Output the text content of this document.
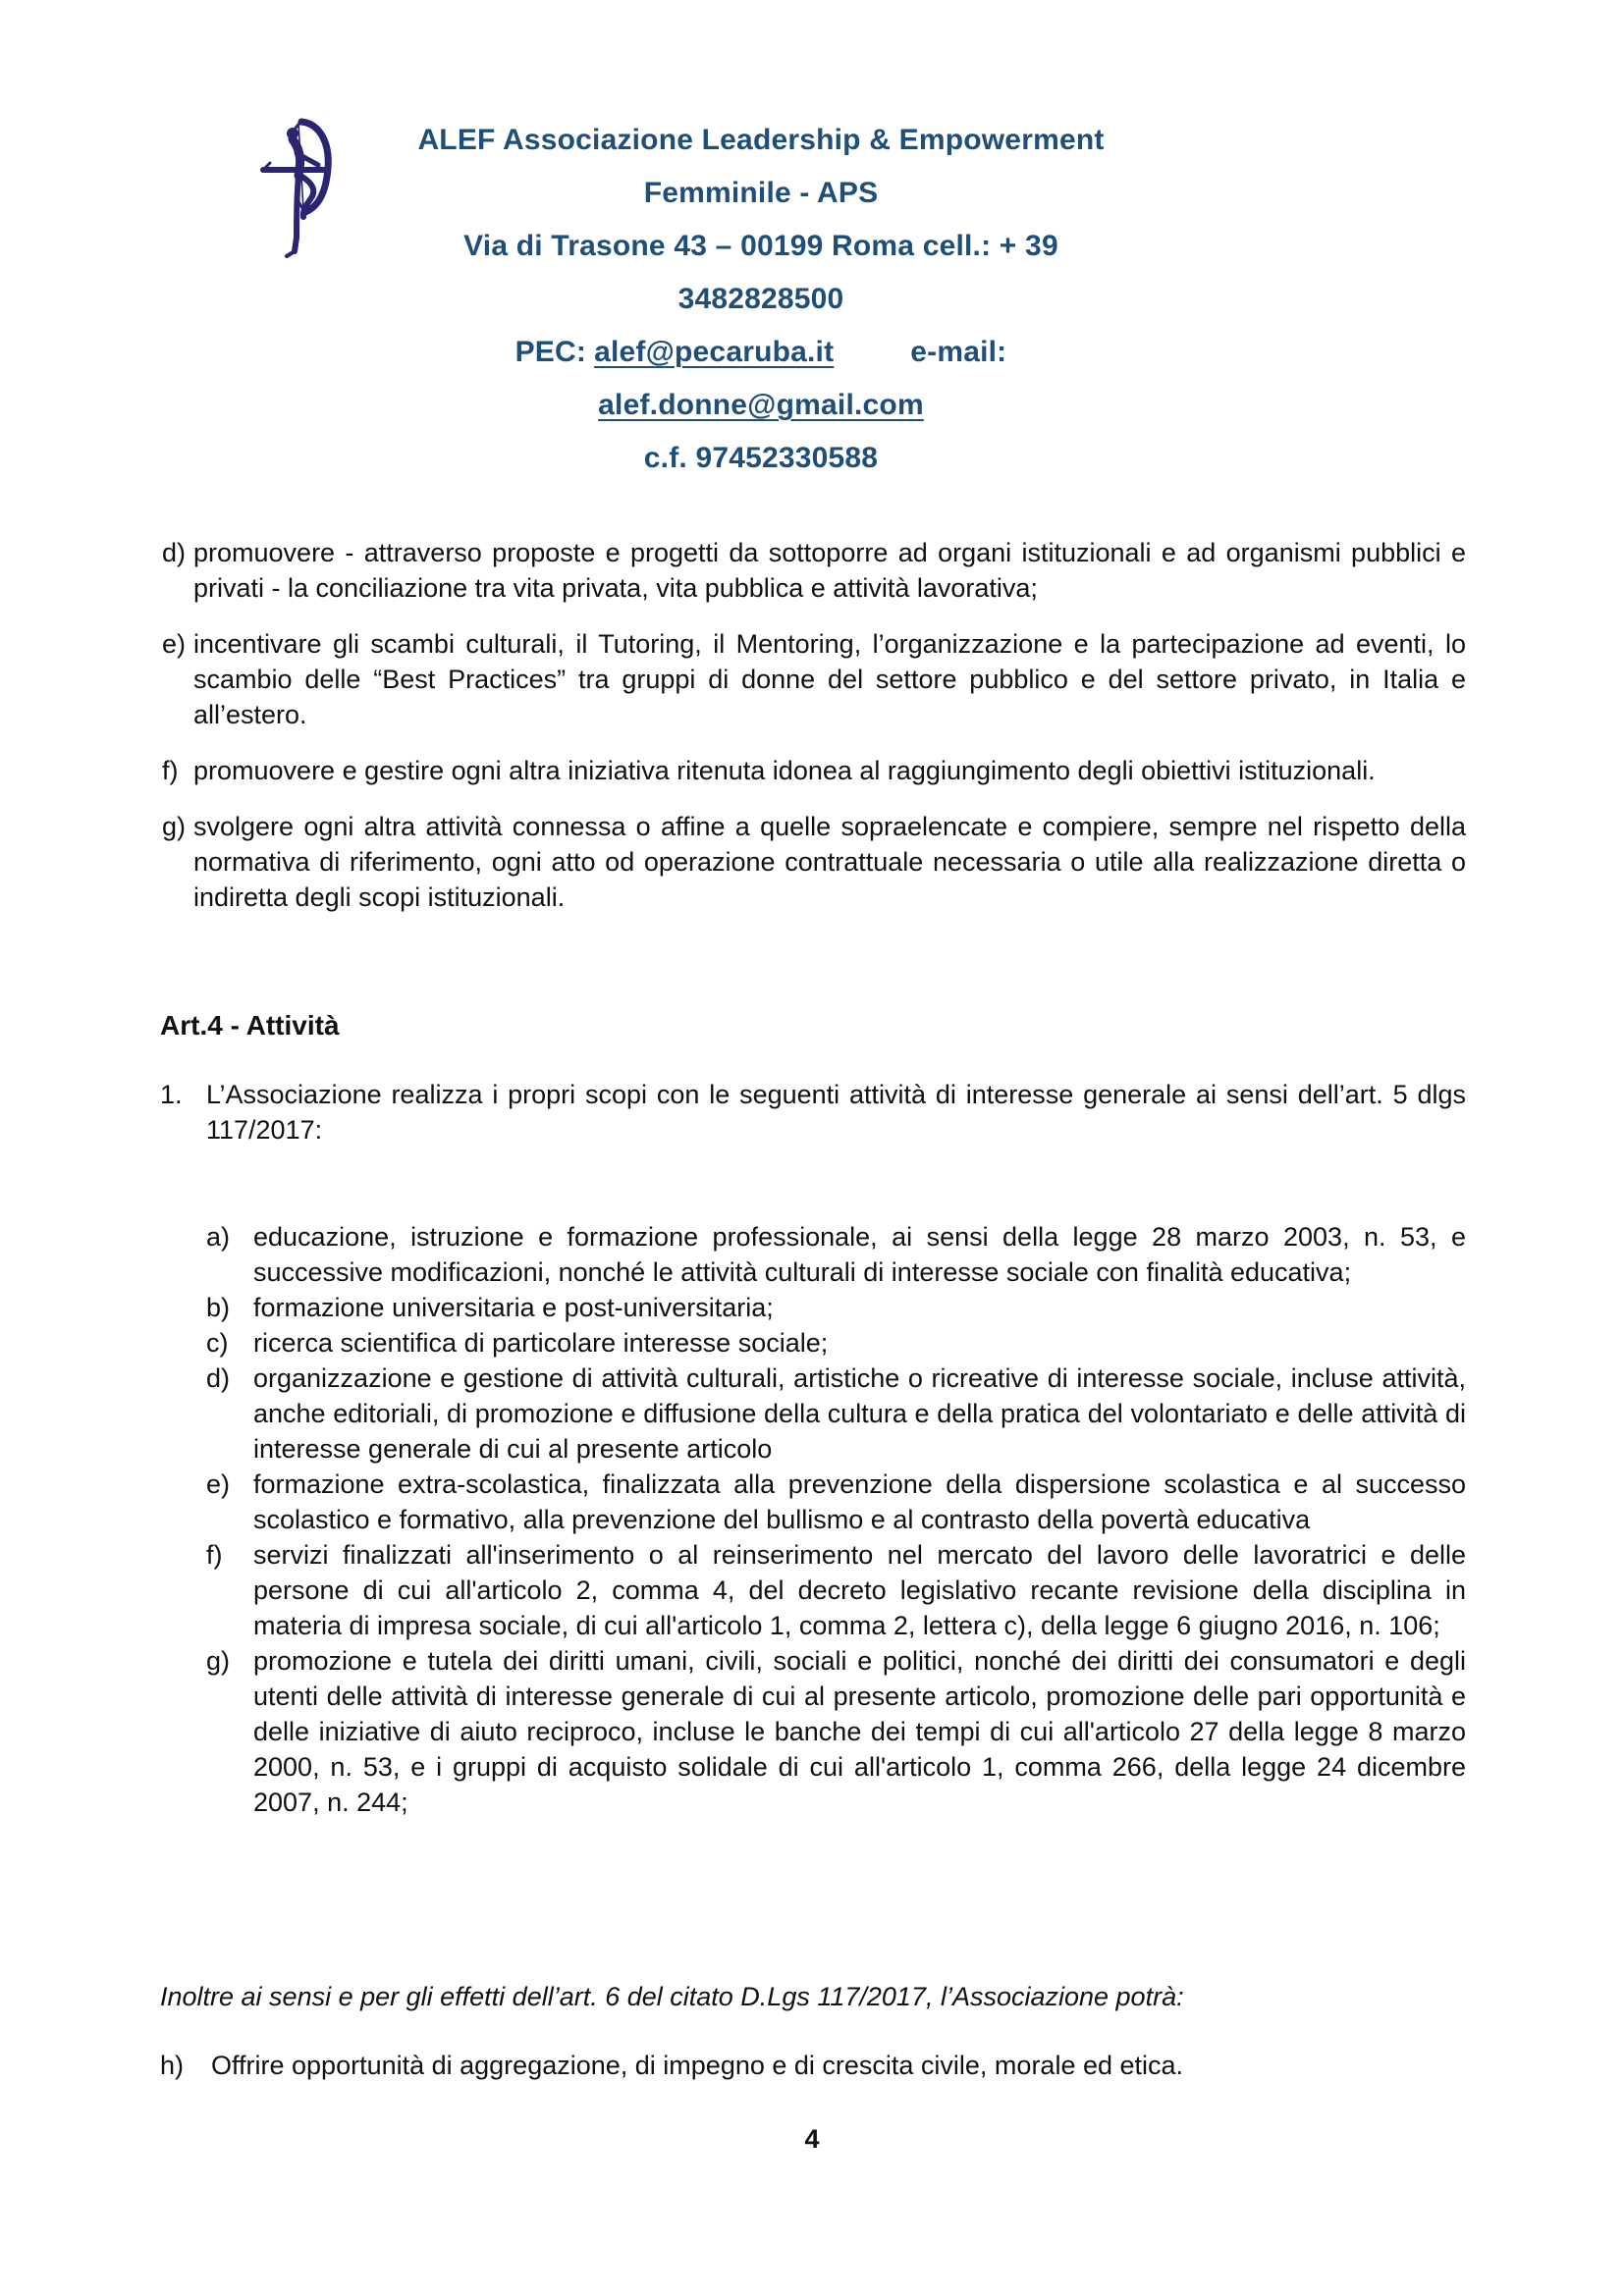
ALEF Associazione Leadership & Empowerment
Femminile - APS
Via di Trasone 43 – 00199 Roma cell.: + 39
3482828500
PEC: alef@pecaruba.it	e-mail:
alef.donne@gmail.com
c.f. 97452330588
d) promuovere - attraverso proposte e progetti da sottoporre ad organi istituzionali e ad organismi pubblici e privati - la conciliazione tra vita privata, vita pubblica e attività lavorativa;
e) incentivare gli scambi culturali, il Tutoring, il Mentoring, l’organizzazione e la partecipazione ad eventi, lo scambio delle “Best Practices” tra gruppi di donne del settore pubblico e del settore privato, in Italia e all’estero.
f) promuovere e gestire ogni altra iniziativa ritenuta idonea al raggiungimento degli obiettivi istituzionali.
g) svolgere ogni altra attività connessa o affine a quelle sopraelencate e compiere, sempre nel rispetto della normativa di riferimento, ogni atto od operazione contrattuale necessaria o utile alla realizzazione diretta o indiretta degli scopi istituzionali.
Art.4 - Attività
1. L’Associazione realizza i propri scopi con le seguenti attività di interesse generale ai sensi dell’art. 5 dlgs 117/2017:
a) educazione, istruzione e formazione professionale, ai sensi della legge 28 marzo 2003, n. 53, e successive modificazioni, nonché le attività culturali di interesse sociale con finalità educativa;
b) formazione universitaria e post-universitaria;
c) ricerca scientifica di particolare interesse sociale;
d) organizzazione e gestione di attività culturali, artistiche o ricreative di interesse sociale, incluse attività, anche editoriali, di promozione e diffusione della cultura e della pratica del volontariato e delle attività di interesse generale di cui al presente articolo
e) formazione extra-scolastica, finalizzata alla prevenzione della dispersione scolastica e al successo scolastico e formativo, alla prevenzione del bullismo e al contrasto della povertà educativa
f) servizi finalizzati all'inserimento o al reinserimento nel mercato del lavoro delle lavoratrici e delle persone di cui all'articolo 2, comma 4, del decreto legislativo recante revisione della disciplina in materia di impresa sociale, di cui all'articolo 1, comma 2, lettera c), della legge 6 giugno 2016, n. 106;
g) promozione e tutela dei diritti umani, civili, sociali e politici, nonché dei diritti dei consumatori e degli utenti delle attività di interesse generale di cui al presente articolo, promozione delle pari opportunità e delle iniziative di aiuto reciproco, incluse le banche dei tempi di cui all'articolo 27 della legge 8 marzo 2000, n. 53, e i gruppi di acquisto solidale di cui all'articolo 1, comma 266, della legge 24 dicembre 2007, n. 244;
Inoltre ai sensi e per gli effetti dell’art. 6 del citato D.Lgs 117/2017, l’Associazione potrà:
h) Offrire opportunità di aggregazione, di impegno e di crescita civile, morale ed etica.
4
